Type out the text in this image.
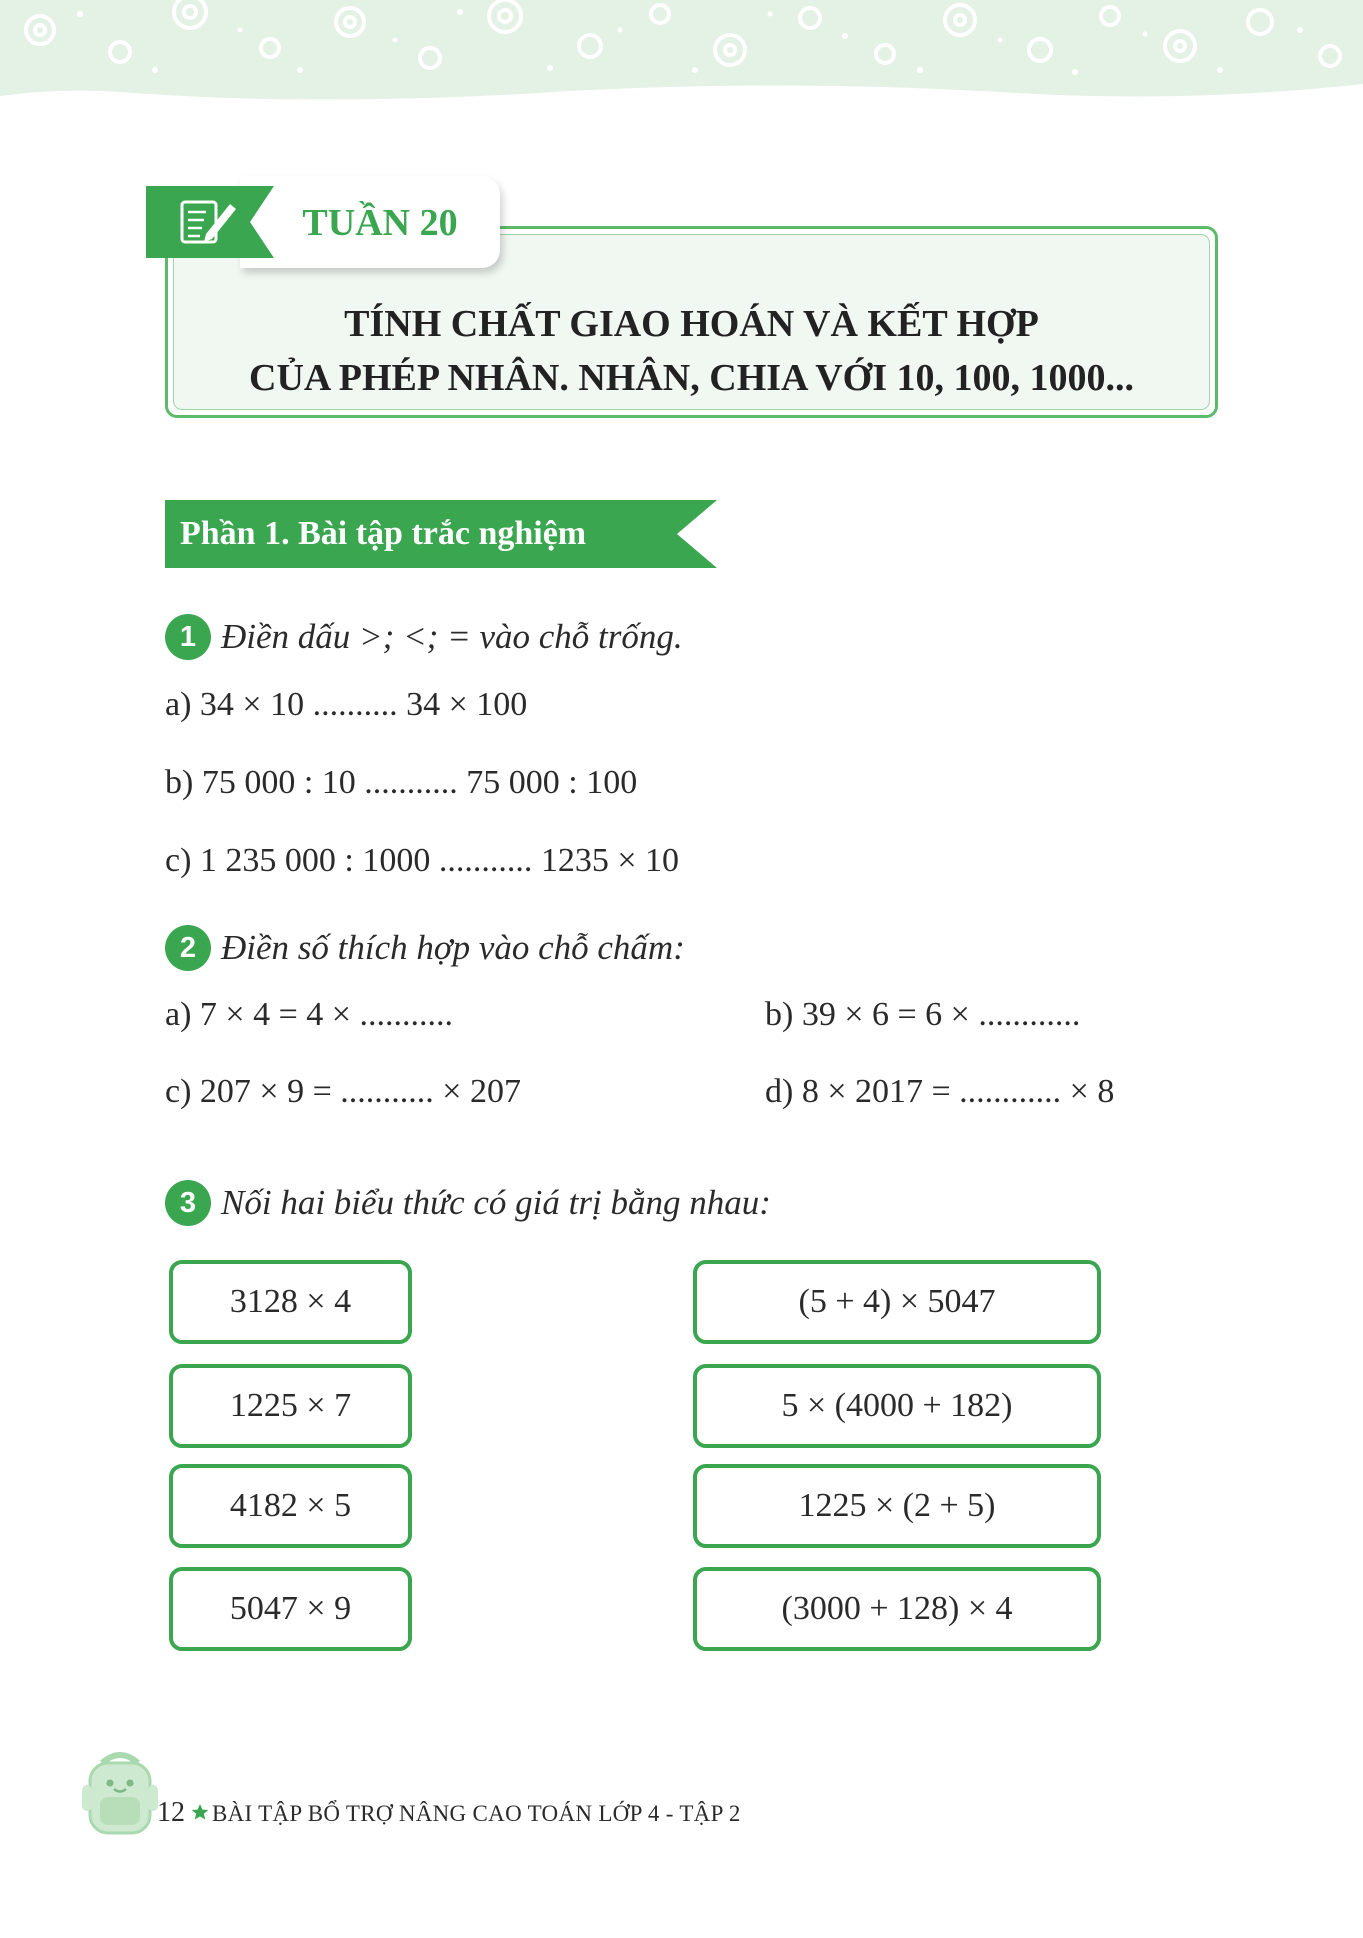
TÍNH CHẤT GIAO HOÁN VÀ KẾT HỢP
CỦA PHÉP NHÂN. NHÂN, CHIA VỚI 10, 100, 1000...
TUẦN 20
Phần 1. Bài tập trắc nghiệm
1 Điền dấu >; <; = vào chỗ trống.
a) 34 × 10 .......... 34 × 100
b) 75 000 : 10 ........... 75 000 : 100
c) 1 235 000 : 1000 ........... 1235 × 10
2 Điền số thích hợp vào chỗ chấm:
a) 7 × 4 = 4 × ...........	b) 39 × 6 = 6 × ............
c) 207 × 9 = ........... × 207	d) 8 × 2017 = ............ × 8
3 Nối hai biểu thức có giá trị bằng nhau:
3128 × 4
1225 × 7
4182 × 5
5047 × 9
(5 + 4) × 5047
5 × (4000 + 182)
1225 × (2 + 5)
(3000 + 128) × 4
12 BÀI TẬP BỔ TRỢ NÂNG CAO TOÁN LỚP 4 - TẬP 2
